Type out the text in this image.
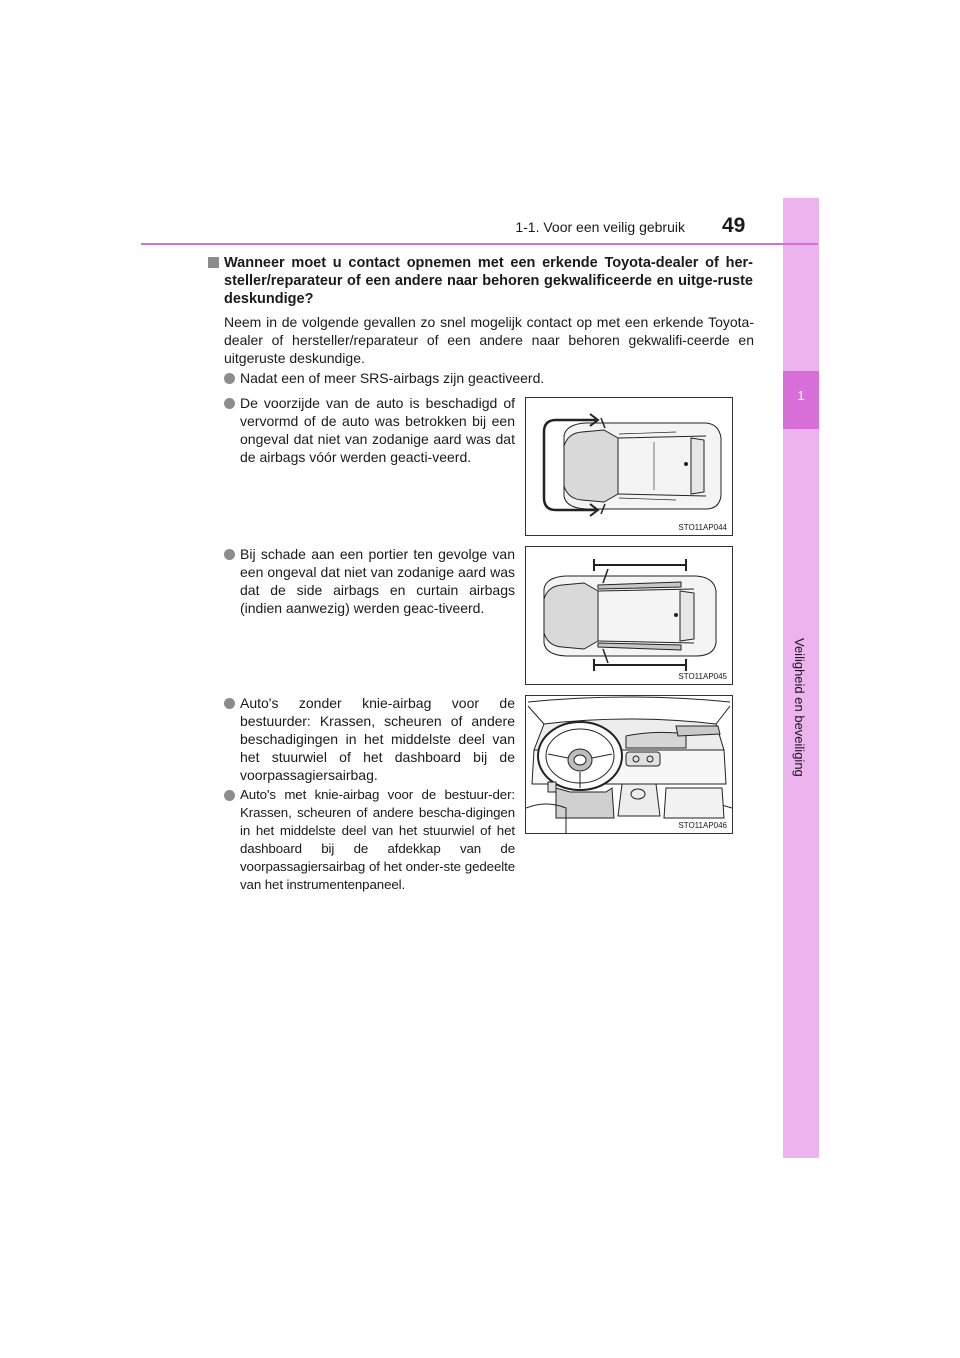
1
Veiligheid en beveiliging
1-1. Voor een veilig gebruik 49
Wanneer moet u contact opnemen met een erkende Toyota-dealer of her-steller/reparateur of een andere naar behoren gekwalificeerde en uitge-ruste deskundige?
Neem in de volgende gevallen zo snel mogelijk contact op met een erkende Toyota-dealer of hersteller/reparateur of een andere naar behoren gekwalifi-ceerde en uitgeruste deskundige.
Nadat een of meer SRS-airbags zijn geactiveerd.
De voorzijde van de auto is beschadigd of vervormd of de auto was betrokken bij een ongeval dat niet van zodanige aard was dat de airbags vóór werden geacti-veerd.
Bij schade aan een portier ten gevolge van een ongeval dat niet van zodanige aard was dat de side airbags en curtain airbags (indien aanwezig) werden geac-tiveerd.
Auto's zonder knie-airbag voor de bestuurder: Krassen, scheuren of andere beschadigingen in het middelste deel van het stuurwiel of het dashboard bij de voorpassagiersairbag.
Auto's met knie-airbag voor de bestuur-der: Krassen, scheuren of andere bescha-digingen in het middelste deel van het stuurwiel of het dashboard bij de afdekkap van de voorpassagiersairbag of het onder-ste gedeelte van het instrumentenpaneel.
STO11AP044
STO11AP045
STO11AP046
